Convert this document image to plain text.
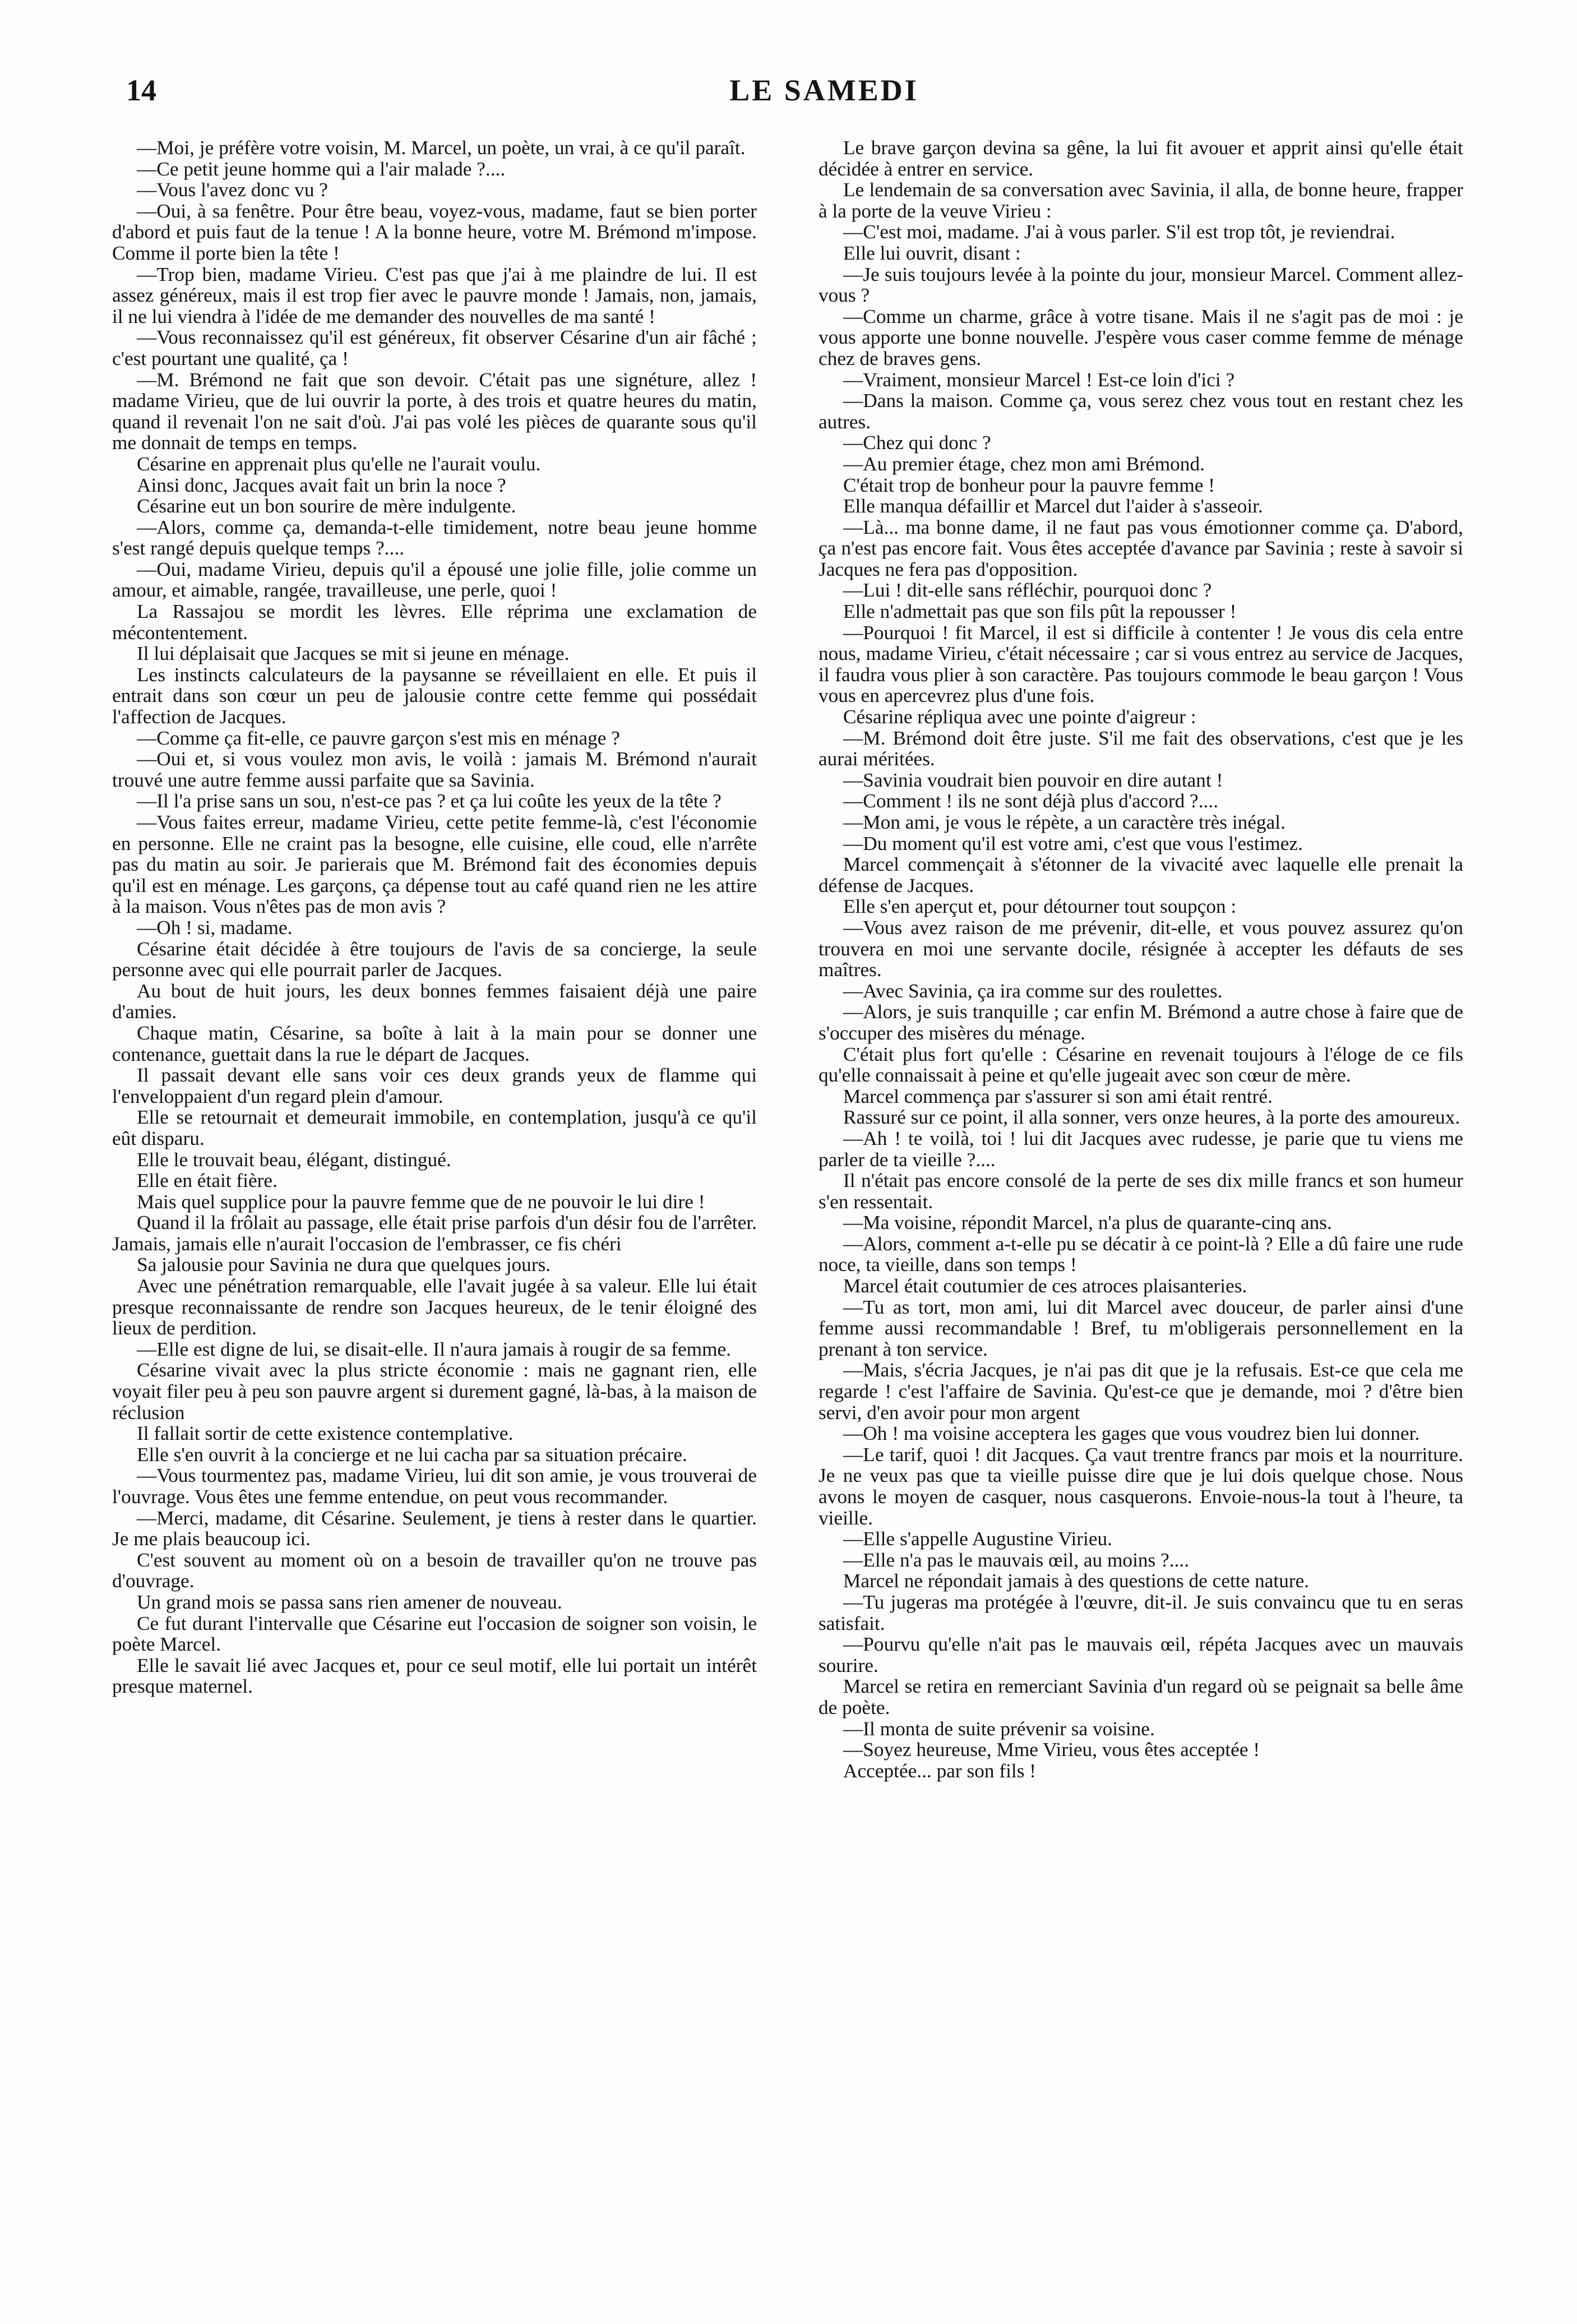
14	LE SAMEDI

—Moi, je préfère votre voisin, M. Marcel, un poète, un vrai, à ce qu'il paraît.

—Ce petit jeune homme qui a l'air malade ?....

—Vous l'avez donc vu ?

—Oui, à sa fenêtre. Pour être beau, voyez-vous, madame, faut se bien porter d'abord et puis faut de la tenue ! A la bonne heure, votre M. Brémond m'impose. Comme il porte bien la tête !

—Trop bien, madame Virieu. C'est pas que j'ai à me plaindre de lui. Il est assez généreux, mais il est trop fier avec le pauvre monde ! Jamais, non, jamais, il ne lui viendra à l'idée de me demander des nouvelles de ma santé !

—Vous reconnaissez qu'il est généreux, fit observer Césarine d'un air fâché ; c'est pourtant une qualité, ça !

—M. Brémond ne fait que son devoir. C'était pas une signéture, allez ! madame Virieu, que de lui ouvrir la porte, à des trois et quatre heures du matin, quand il revenait l'on ne sait d'où. J'ai pas volé les pièces de quarante sous qu'il me donnait de temps en temps.

Césarine en apprenait plus qu'elle ne l'aurait voulu.

Ainsi donc, Jacques avait fait un brin la noce ?

Césarine eut un bon sourire de mère indulgente.

—Alors, comme ça, demanda-t-elle timidement, notre beau jeune homme s'est rangé depuis quelque temps ?....

—Oui, madame Virieu, depuis qu'il a épousé une jolie fille, jolie comme un amour, et aimable, rangée, travailleuse, une perle, quoi !

La Rassajou se mordit les lèvres. Elle réprima une exclamation de mécontentement.

Il lui déplaisait que Jacques se mit si jeune en ménage.

Les instincts calculateurs de la paysanne se réveillaient en elle. Et puis il entrait dans son cœur un peu de jalousie contre cette femme qui possédait l'affection de Jacques.

—Comme ça fit-elle, ce pauvre garçon s'est mis en ménage ?

—Oui et, si vous voulez mon avis, le voilà : jamais M. Brémond n'aurait trouvé une autre femme aussi parfaite que sa Savinia.

—Il l'a prise sans un sou, n'est-ce pas ? et ça lui coûte les yeux de la tête ?

—Vous faites erreur, madame Virieu, cette petite femme-là, c'est l'économie en personne. Elle ne craint pas la besogne, elle cuisine, elle coud, elle n'arrête pas du matin au soir. Je parierais que M. Brémond fait des économies depuis qu'il est en ménage. Les garçons, ça dépense tout au café quand rien ne les attire à la maison. Vous n'êtes pas de mon avis ?

—Oh ! si, madame.

Césarine était décidée à être toujours de l'avis de sa concierge, la seule personne avec qui elle pourrait parler de Jacques.

Au bout de huit jours, les deux bonnes femmes faisaient déjà une paire d'amies.

Chaque matin, Césarine, sa boîte à lait à la main pour se donner une contenance, guettait dans la rue le départ de Jacques.

Il passait devant elle sans voir ces deux grands yeux de flamme qui l'enveloppaient d'un regard plein d'amour.

Elle se retournait et demeurait immobile, en contemplation, jusqu'à ce qu'il eût disparu.

Elle le trouvait beau, élégant, distingué.

Elle en était fière.

Mais quel supplice pour la pauvre femme que de ne pouvoir le lui dire !

Quand il la frôlait au passage, elle était prise parfois d'un désir fou de l'arrêter. Jamais, jamais elle n'aurait l'occasion de l'embrasser, ce fis chéri

Sa jalousie pour Savinia ne dura que quelques jours.

Avec une pénétration remarquable, elle l'avait jugée à sa valeur. Elle lui était presque reconnaissante de rendre son Jacques heureux, de le tenir éloigné des lieux de perdition.

—Elle est digne de lui, se disait-elle. Il n'aura jamais à rougir de sa femme.

Césarine vivait avec la plus stricte économie : mais ne gagnant rien, elle voyait filer peu à peu son pauvre argent si durement gagné, là-bas, à la maison de réclusion

Il fallait sortir de cette existence contemplative.

Elle s'en ouvrit à la concierge et ne lui cacha par sa situation précaire.

—Vous tourmentez pas, madame Virieu, lui dit son amie, je vous trouverai de l'ouvrage. Vous êtes une femme entendue, on peut vous recommander.

—Merci, madame, dit Césarine. Seulement, je tiens à rester dans le quartier. Je me plais beaucoup ici.

C'est souvent au moment où on a besoin de travailler qu'on ne trouve pas d'ouvrage.

Un grand mois se passa sans rien amener de nouveau.

Ce fut durant l'intervalle que Césarine eut l'occasion de soigner son voisin, le poète Marcel.

Elle le savait lié avec Jacques et, pour ce seul motif, elle lui portait un intérêt presque maternel.

Le brave garçon devina sa gêne, la lui fit avouer et apprit ainsi qu'elle était décidée à entrer en service.

Le lendemain de sa conversation avec Savinia, il alla, de bonne heure, frapper à la porte de la veuve Virieu :

—C'est moi, madame. J'ai à vous parler. S'il est trop tôt, je reviendrai.

Elle lui ouvrit, disant :

—Je suis toujours levée à la pointe du jour, monsieur Marcel. Comment allez-vous ?

—Comme un charme, grâce à votre tisane. Mais il ne s'agit pas de moi : je vous apporte une bonne nouvelle. J'espère vous caser comme femme de ménage chez de braves gens.

—Vraiment, monsieur Marcel ! Est-ce loin d'ici ?

—Dans la maison. Comme ça, vous serez chez vous tout en restant chez les autres.

—Chez qui donc ?

—Au premier étage, chez mon ami Brémond.

C'était trop de bonheur pour la pauvre femme !

Elle manqua défaillir et Marcel dut l'aider à s'asseoir.

—Là... ma bonne dame, il ne faut pas vous émotionner comme ça. D'abord, ça n'est pas encore fait. Vous êtes acceptée d'avance par Savinia ; reste à savoir si Jacques ne fera pas d'opposition.

—Lui ! dit-elle sans réfléchir, pourquoi donc ?

Elle n'admettait pas que son fils pût la repousser !

—Pourquoi ! fit Marcel, il est si difficile à contenter ! Je vous dis cela entre nous, madame Virieu, c'était nécessaire ; car si vous entrez au service de Jacques, il faudra vous plier à son caractère. Pas toujours commode le beau garçon ! Vous vous en apercevrez plus d'une fois.

Césarine répliqua avec une pointe d'aigreur :

—M. Brémond doit être juste. S'il me fait des observations, c'est que je les aurai méritées.

—Savinia voudrait bien pouvoir en dire autant !

—Comment ! ils ne sont déjà plus d'accord ?....

—Mon ami, je vous le répète, a un caractère très inégal.

—Du moment qu'il est votre ami, c'est que vous l'estimez.

Marcel commençait à s'étonner de la vivacité avec laquelle elle prenait la défense de Jacques.

Elle s'en aperçut et, pour détourner tout soupçon :

—Vous avez raison de me prévenir, dit-elle, et vous pouvez assurez qu'on trouvera en moi une servante docile, résignée à accepter les défauts de ses maîtres.

—Avec Savinia, ça ira comme sur des roulettes.

—Alors, je suis tranquille ; car enfin M. Brémond a autre chose à faire que de s'occuper des misères du ménage.

C'était plus fort qu'elle : Césarine en revenait toujours à l'éloge de ce fils qu'elle connaissait à peine et qu'elle jugeait avec son cœur de mère.

Marcel commença par s'assurer si son ami était rentré.

Rassuré sur ce point, il alla sonner, vers onze heures, à la porte des amoureux.

—Ah ! te voilà, toi ! lui dit Jacques avec rudesse, je parie que tu viens me parler de ta vieille ?....

Il n'était pas encore consolé de la perte de ses dix mille francs et son humeur s'en ressentait.

—Ma voisine, répondit Marcel, n'a plus de quarante-cinq ans.

—Alors, comment a-t-elle pu se décatir à ce point-là ? Elle a dû faire une rude noce, ta vieille, dans son temps !

Marcel était coutumier de ces atroces plaisanteries.

—Tu as tort, mon ami, lui dit Marcel avec douceur, de parler ainsi d'une femme aussi recommandable ! Bref, tu m'obligerais personnellement en la prenant à ton service.

—Mais, s'écria Jacques, je n'ai pas dit que je la refusais. Est-ce que cela me regarde ! c'est l'affaire de Savinia. Qu'est-ce que je demande, moi ? d'être bien servi, d'en avoir pour mon argent

—Oh ! ma voisine acceptera les gages que vous voudrez bien lui donner.

—Le tarif, quoi ! dit Jacques. Ça vaut trentre francs par mois et la nourriture. Je ne veux pas que ta vieille puisse dire que je lui dois quelque chose. Nous avons le moyen de casquer, nous casquerons. Envoie-nous-la tout à l'heure, ta vieille.

—Elle s'appelle Augustine Virieu.

—Elle n'a pas le mauvais œil, au moins ?....

Marcel ne répondait jamais à des questions de cette nature.

—Tu jugeras ma protégée à l'œuvre, dit-il. Je suis convaincu que tu en seras satisfait.

—Pourvu qu'elle n'ait pas le mauvais œil, répéta Jacques avec un mauvais sourire.

Marcel se retira en remerciant Savinia d'un regard où se peignait sa belle âme de poète.

—Il monta de suite prévenir sa voisine.

—Soyez heureuse, Mme Virieu, vous êtes acceptée !

Acceptée... par son fils !
